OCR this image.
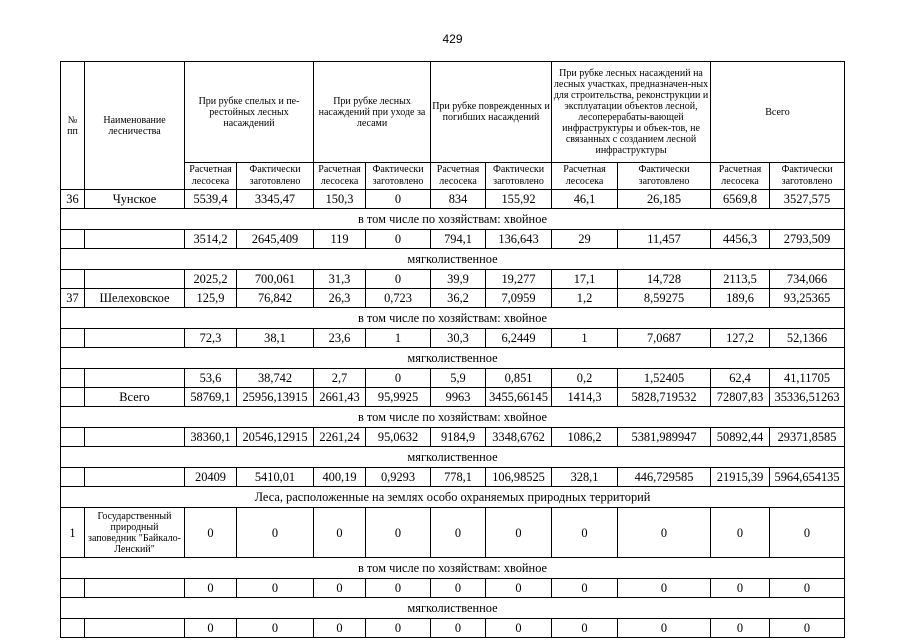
429
№ пп	Наименование лесничества	При рубке спелых и пе-рестойных лесных насаждений		При рубке лесных насаждений при уходе за лесами		При рубке поврежденных и погибших насаждений		При рубке лесных насаждений на лесных участках, предназначен-ных для строительства, реконструкции и эксплуатации объектов лесной, лесоперерабаты-вающей инфраструктуры и объек-тов, не связанных с созданием лесной инфраструктуры		Всего	
		Расчетная лесосека	Фактически заготовлено	Расчетная лесосека	Фактически заготовлено	Расчетная лесосека	Фактически заготовлено	Расчетная лесосека	Фактически заготовлено	Расчетная лесосека	Фактически заготовлено
36	Чунское	5539,4	3345,47	150,3	0	834	155,92	46,1	26,185	6569,8	3527,575
в том числе по хозяйствам: хвойное											
		3514,2	2645,409	119	0	794,1	136,643	29	11,457	4456,3	2793,509
мягколиственное											
		2025,2	700,061	31,3	0	39,9	19,277	17,1	14,728	2113,5	734,066
37	Шелеховское	125,9	76,842	26,3	0,723	36,2	7,0959	1,2	8,59275	189,6	93,25365
в том числе по хозяйствам: хвойное											
		72,3	38,1	23,6	1	30,3	6,2449	1	7,0687	127,2	52,1366
мягколиственное											
		53,6	38,742	2,7	0	5,9	0,851	0,2	1,52405	62,4	41,11705
	Всего	58769,1	25956,13915	2661,43	95,9925	9963	3455,66145	1414,3	5828,719532	72807,83	35336,51263
в том числе по хозяйствам: хвойное											
		38360,1	20546,12915	2261,24	95,0632	9184,9	3348,6762	1086,2	5381,989947	50892,44	29371,8585
мягколиственное											
		20409	5410,01	400,19	0,9293	778,1	106,98525	328,1	446,729585	21915,39	5964,654135
Леса, расположенные на землях особо охраняемых природных территорий											
1	Государственный природный заповедник "Байкало-Ленский"	0	0	0	0	0	0	0	0	0	0
в том числе по хозяйствам: хвойное											
		0	0	0	0	0	0	0	0	0	0
мягколиственное											
		0	0	0	0	0	0	0	0	0	0
